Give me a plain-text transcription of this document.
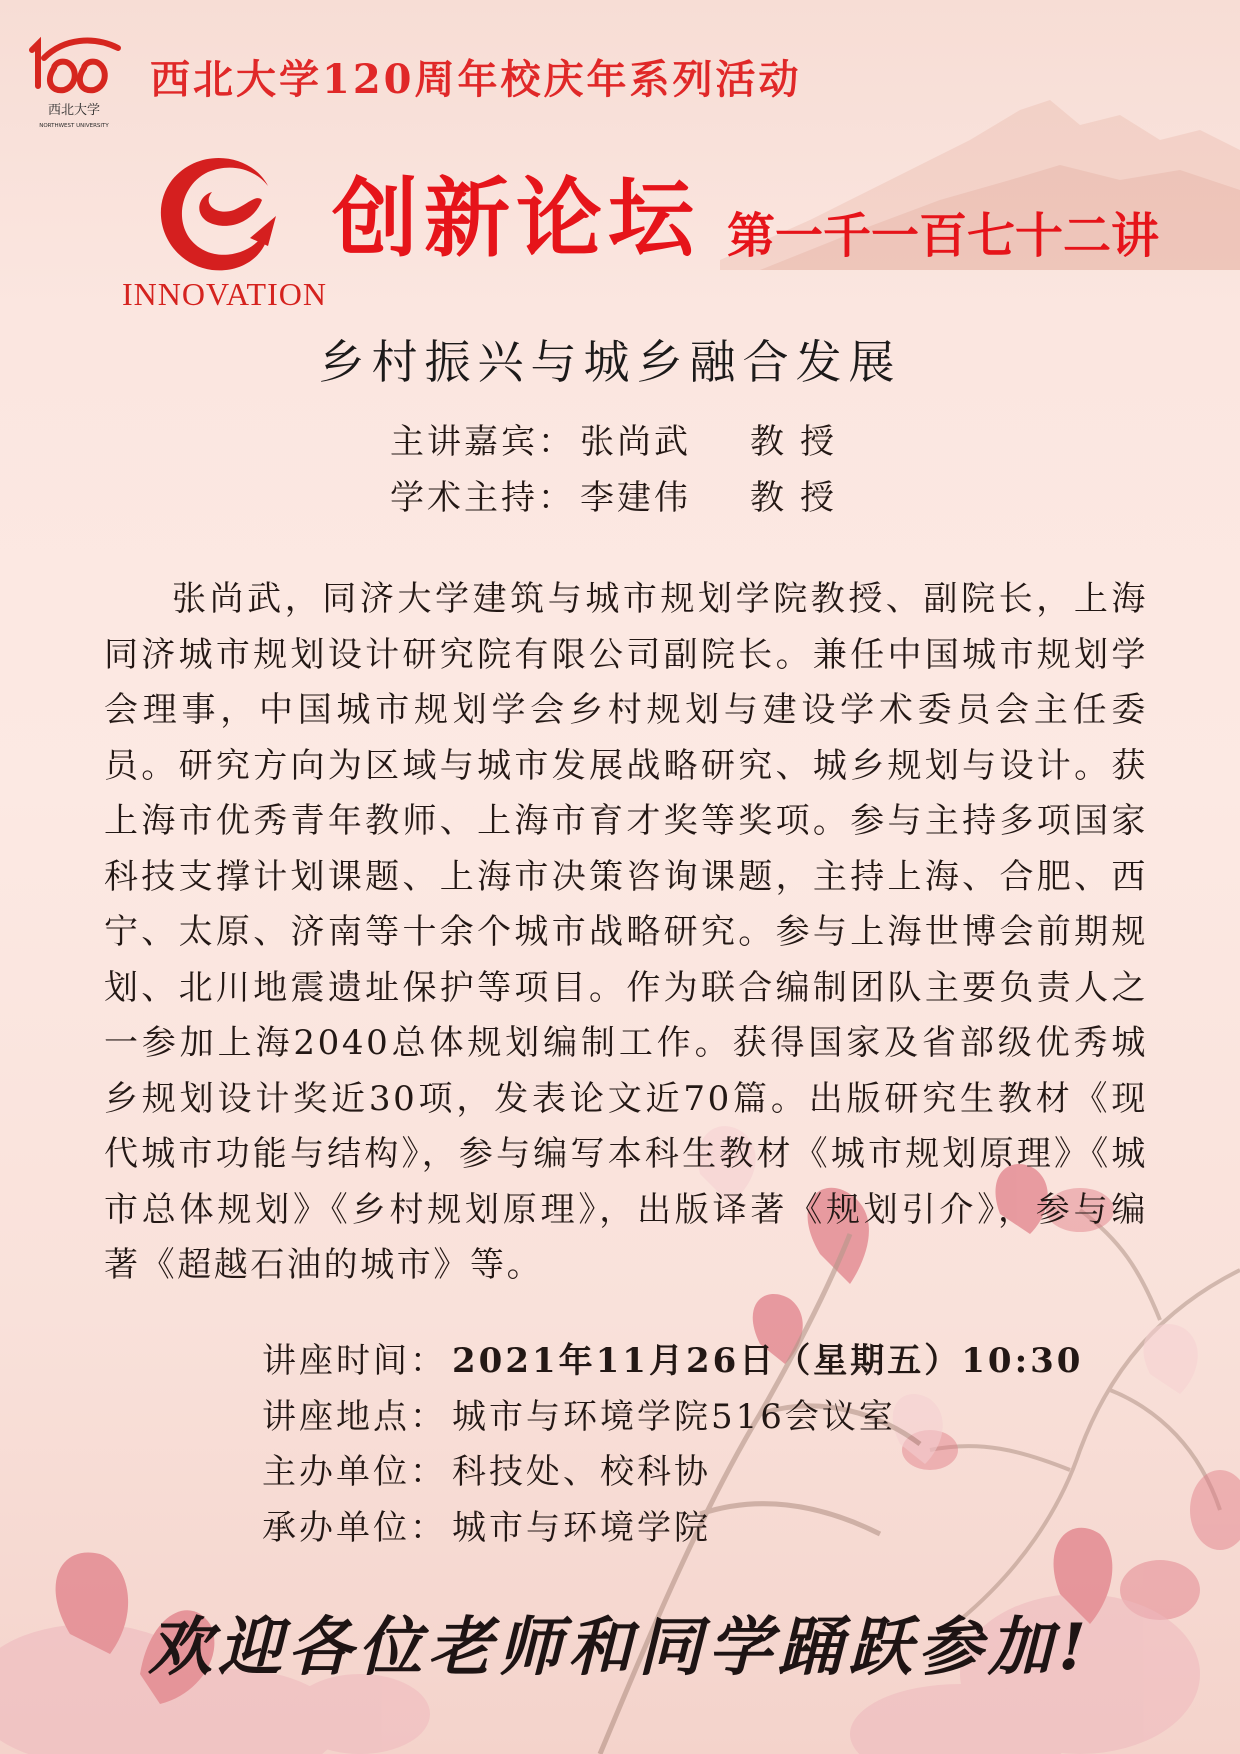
西北大学
NORTHWEST UNIVERSITY
西北大学120周年校庆年系列活动
INNOVATION
创新论坛 第一千一百七十二讲
乡村振兴与城乡融合发展
主讲嘉宾： 张尚武	教授
学术主持： 李建伟	教授
张尚武，同济大学建筑与城市规划学院教授、副院长，上海同济城市规划设计研究院有限公司副院长。兼任中国城市规划学会理事，中国城市规划学会乡村规划与建设学术委员会主任委员。研究方向为区域与城市发展战略研究、城乡规划与设计。获上海市优秀青年教师、上海市育才奖等奖项。参与主持多项国家科技支撑计划课题、上海市决策咨询课题，主持上海、合肥、西宁、太原、济南等十余个城市战略研究。参与上海世博会前期规划、北川地震遗址保护等项目。作为联合编制团队主要负责人之一参加上海2040总体规划编制工作。获得国家及省部级优秀城乡规划设计奖近30项，发表论文近70篇。出版研究生教材《现代城市功能与结构》，参与编写本科生教材《城市规划原理》《城市总体规划》《乡村规划原理》，出版译著《规划引介》，参与编著《超越石油的城市》等。
讲座时间： 2021年11月26日（星期五）10:30
讲座地点： 城市与环境学院516会议室
主办单位： 科技处、校科协
承办单位： 城市与环境学院
欢迎各位老师和同学踊跃参加!
